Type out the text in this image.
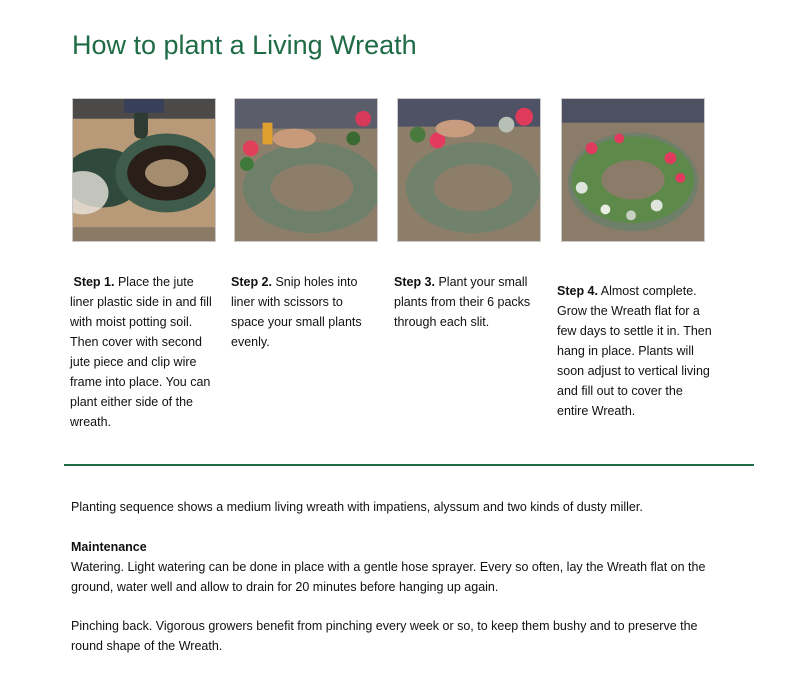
How to plant a Living Wreath
Step 1. Place the jute liner plastic side in and fill with moist potting soil. Then cover with second jute piece and clip wire frame into place. You can plant either side of the wreath.
Step 2. Snip holes into liner with scissors to space your small plants evenly.
Step 3. Plant your small plants from their 6 packs through each slit.
Step 4. Almost complete. Grow the Wreath flat for a few days to settle it in. Then hang in place. Plants will soon adjust to vertical living and fill out to cover the entire Wreath.
Planting sequence shows a medium living wreath with impatiens, alyssum and two kinds of dusty miller.
Maintenance
Watering. Light watering can be done in place with a gentle hose sprayer. Every so often, lay the Wreath flat on the ground, water well and allow to drain for 20 minutes before hanging up again.
Pinching back. Vigorous growers benefit from pinching every week or so, to keep them bushy and to preserve the round shape of the Wreath.
